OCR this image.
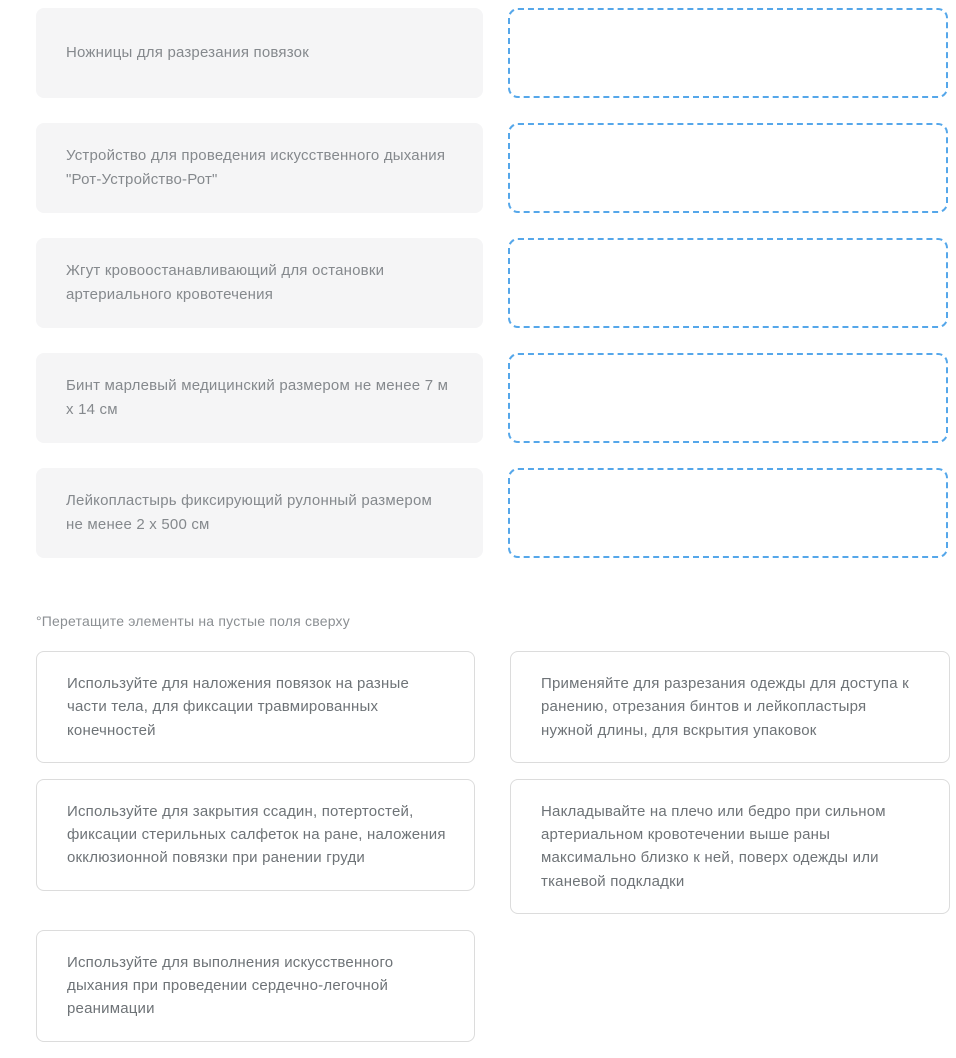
Ножницы для разрезания повязок
Устройство для проведения искусственного дыхания "Рот-Устройство-Рот"
Жгут кровоостанавливающий для остановки артериального кровотечения
Бинт марлевый медицинский размером не менее 7 м х 14 см
Лейкопластырь фиксирующий рулонный размером не менее 2 х 500 см
°Перетащите элементы на пустые поля сверху
Используйте для наложения повязок на разные части тела, для фиксации травмированных конечностей
Применяйте для разрезания одежды для доступа к ранению, отрезания бинтов и лейкопластыря нужной длины, для вскрытия упаковок
Используйте для закрытия ссадин, потертостей, фиксации стерильных салфеток на ране, наложения окклюзионной повязки при ранении груди
Накладывайте на плечо или бедро при сильном артериальном кровотечении выше раны максимально близко к ней, поверх одежды или тканевой подкладки
Используйте для выполнения искусственного дыхания при проведении сердечно-легочной реанимации
